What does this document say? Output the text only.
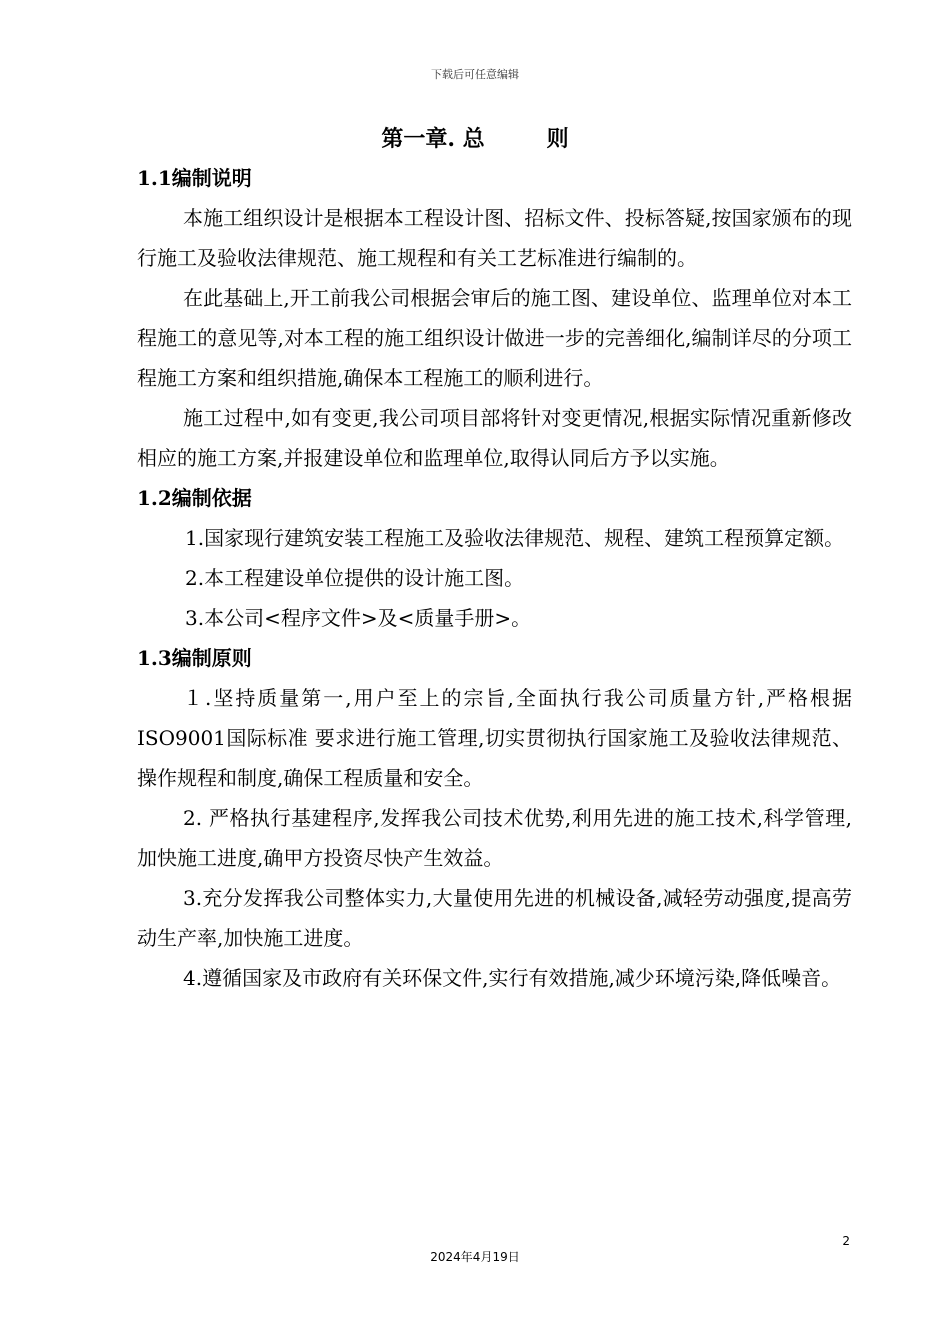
下载后可任意编辑
第一章. 总	则
1.1编制说明
本施工组织设计是根据本工程设计图、招标文件、投标答疑,按国家颁布的现行施工及验收法律规范、施工规程和有关工艺标准进行编制的。
在此基础上,开工前我公司根据会审后的施工图、建设单位、监理单位对本工程施工的意见等,对本工程的施工组织设计做进一步的完善细化,编制详尽的分项工程施工方案和组织措施,确保本工程施工的顺利进行。
施工过程中,如有变更,我公司项目部将针对变更情况,根据实际情况重新修改相应的施工方案,并报建设单位和监理单位,取得认同后方予以实施。
1.2编制依据
1.国家现行建筑安装工程施工及验收法律规范、规程、建筑工程预算定额。
2.本工程建设单位提供的设计施工图。
3.本公司<程序文件>及<质量手册>。
1.3编制原则
１.坚持质量第一,用户至上的宗旨,全面执行我公司质量方针,严格根据ISO9001国际标准 要求进行施工管理,切实贯彻执行国家施工及验收法律规范、操作规程和制度,确保工程质量和安全。
2. 严格执行基建程序,发挥我公司技术优势,利用先进的施工技术,科学管理,加快施工进度,确甲方投资尽快产生效益。
3.充分发挥我公司整体实力,大量使用先进的机械设备,减轻劳动强度,提高劳动生产率,加快施工进度。
4.遵循国家及市政府有关环保文件,实行有效措施,减少环境污染,降低噪音。
2
2024年4月19日
